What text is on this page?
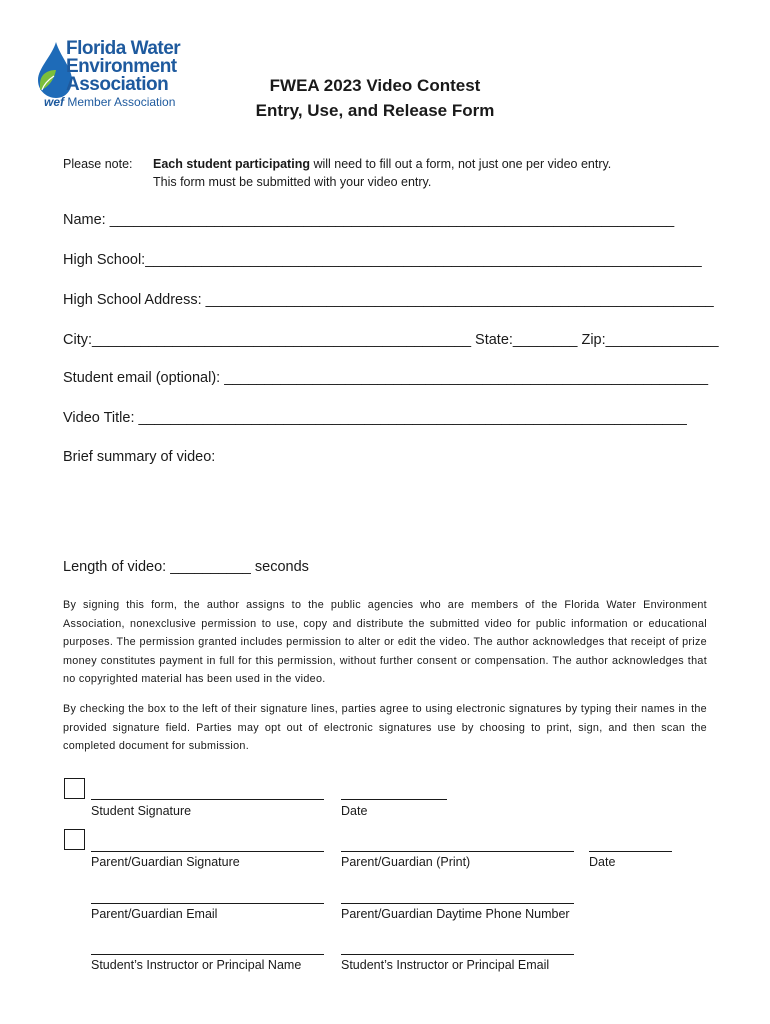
Florida Water
Environment
Association
wef Member Association
FWEA 2023 Video Contest
Entry, Use, and Release Form
Please note: Each student participating will need to fill out a form, not just one per video entry.
This form must be submitted with your video entry.
Name: ______________________________________________________________________
High School:_____________________________________________________________________
High School Address: _______________________________________________________________
City:_______________________________________________ State:________ Zip:______________
Student email (optional): ____________________________________________________________
Video Title: ____________________________________________________________________
Brief summary of video:
Length of video: __________ seconds
By signing this form, the author assigns to the public agencies who are members of the Florida Water Environment Association, nonexclusive permission to use, copy and distribute the submitted video for public information or educational purposes. The permission granted includes permission to alter or edit the video. The author acknowledges that receipt of prize money constitutes payment in full for this permission, without further consent or compensation. The author acknowledges that no copyrighted material has been used in the video.
By checking the box to the left of their signature lines, parties agree to using electronic signatures by typing their names in the provided signature field. Parties may opt out of electronic signatures use by choosing to print, sign, and then scan the completed document for submission.
Student Signature	Date
Parent/Guardian Signature	Parent/Guardian (Print)	Date
Parent/Guardian Email	Parent/Guardian Daytime Phone Number
Student’s Instructor or Principal Name	Student’s Instructor or Principal Email
